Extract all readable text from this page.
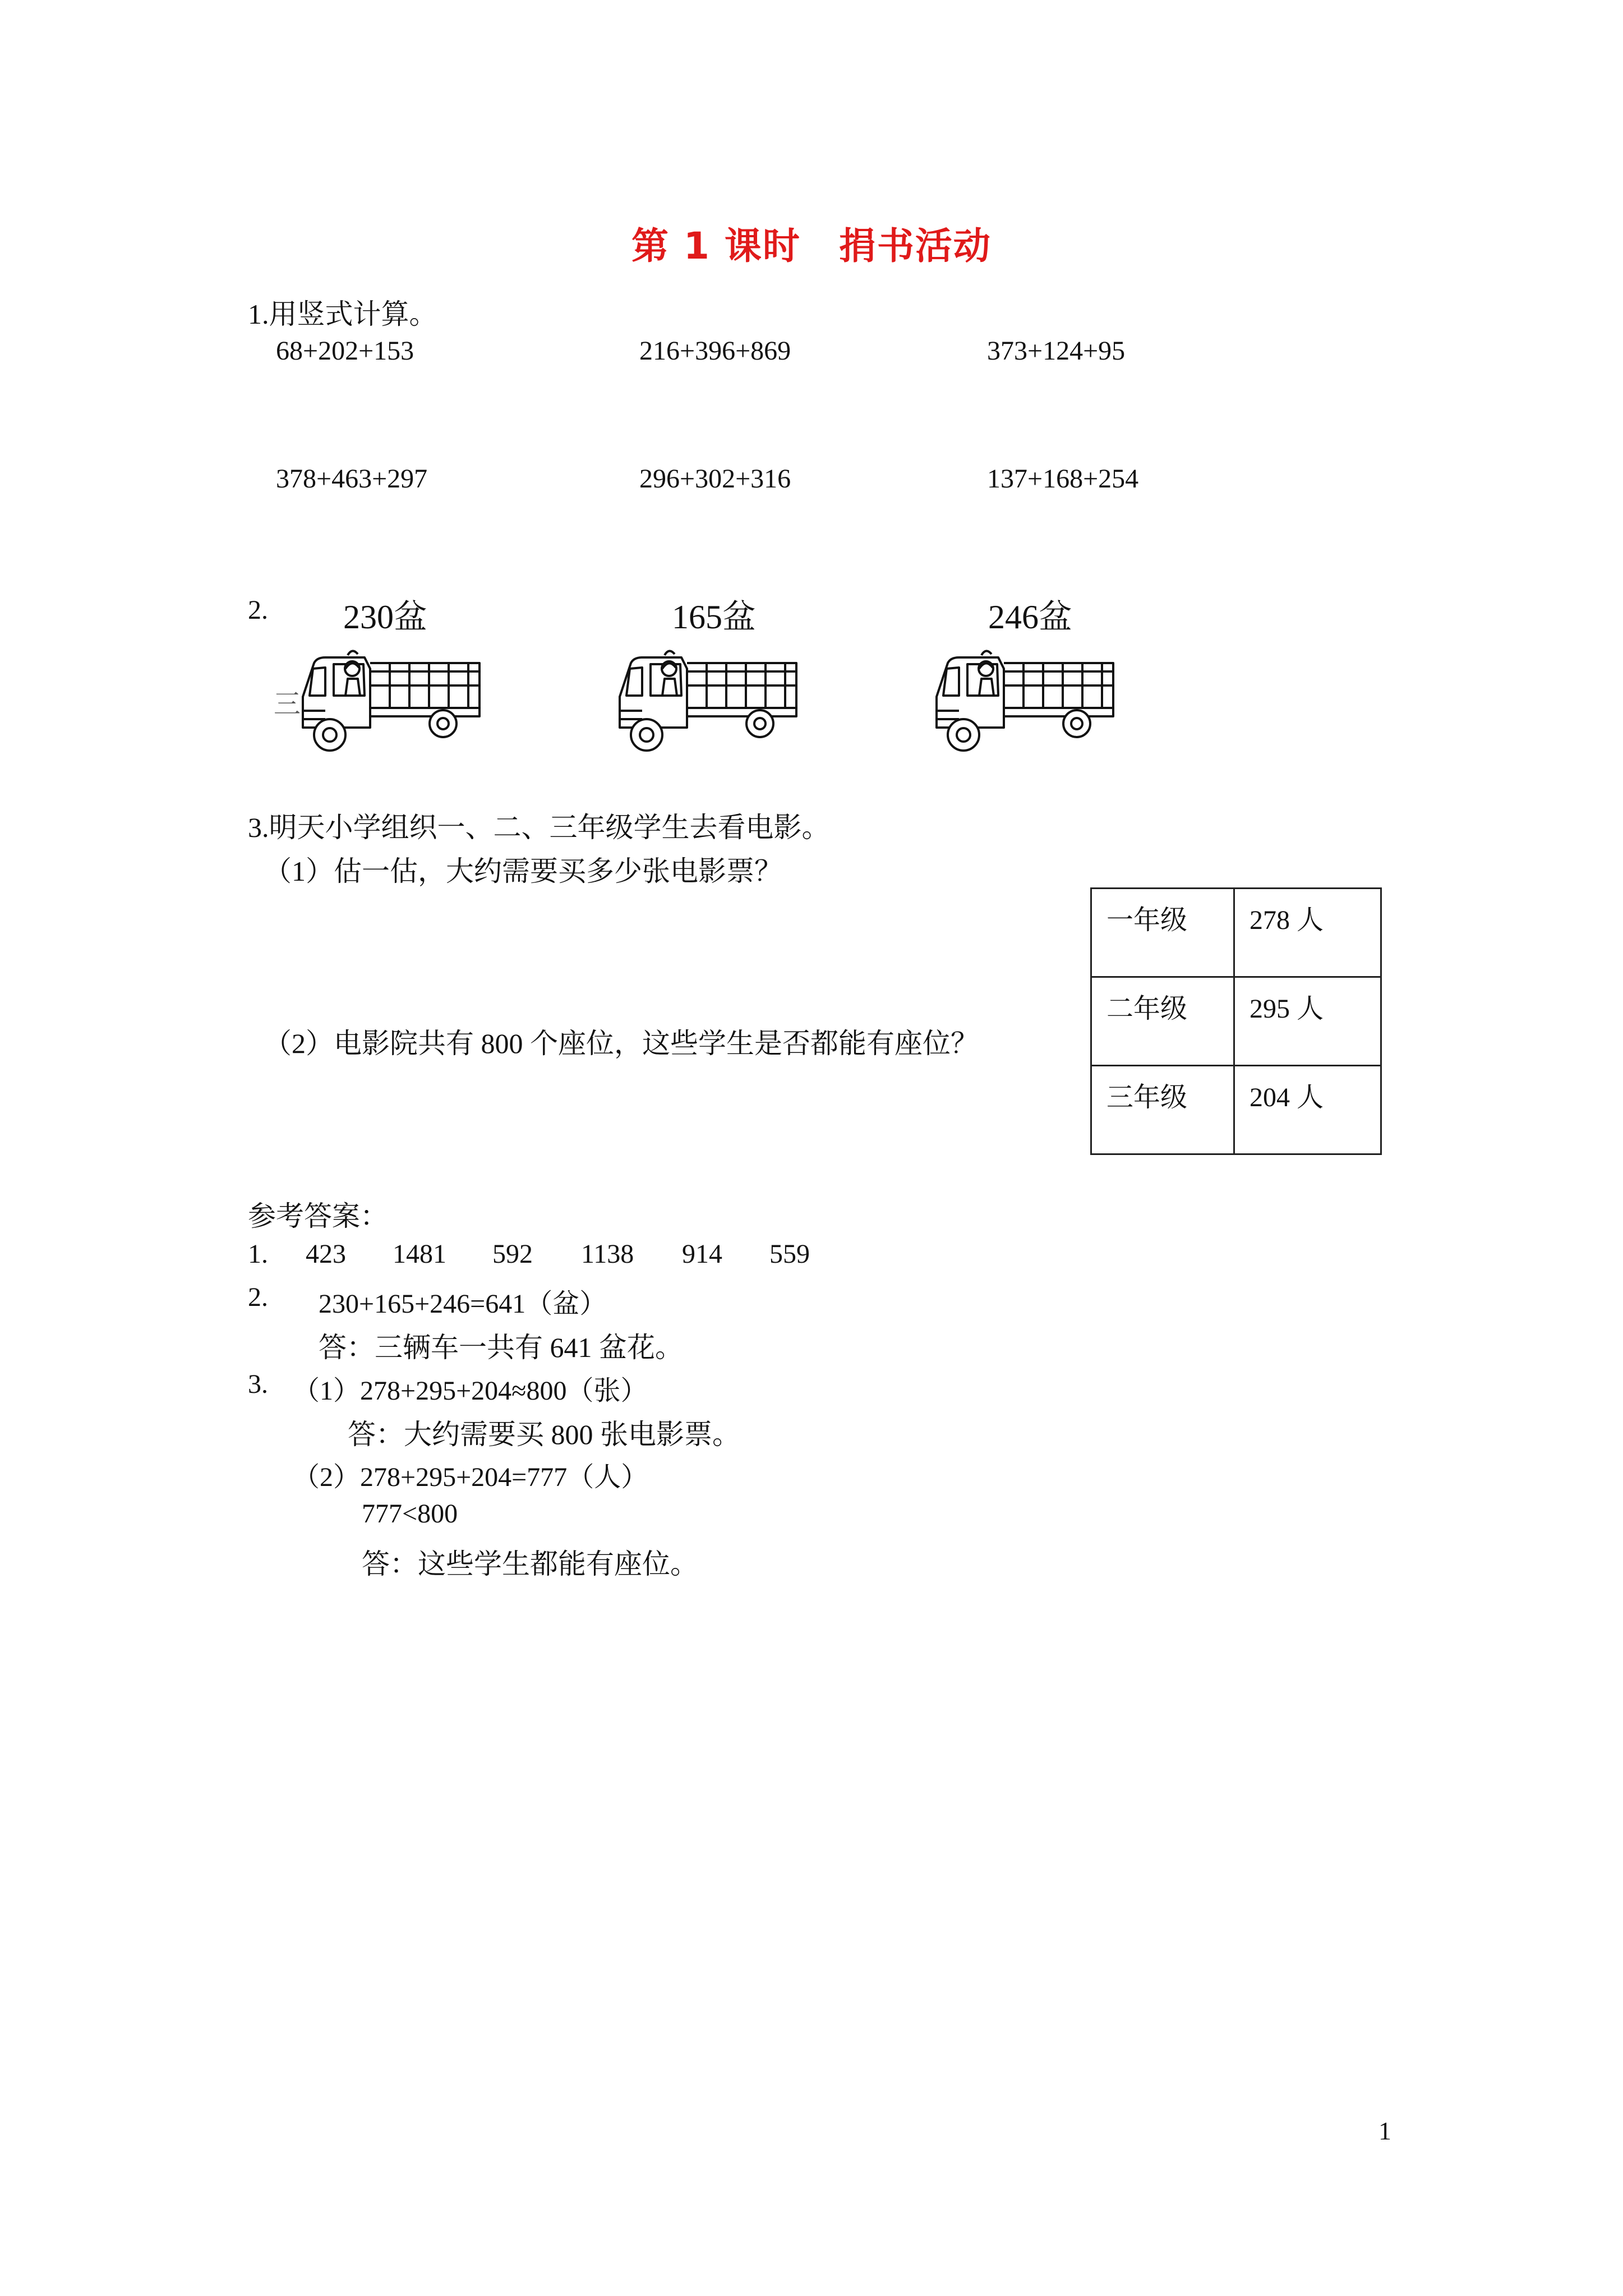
第 1 课时　捐书活动
1.用竖式计算。
68+202+153	216+396+869	373+124+95
378+463+297	296+302+316	137+168+254
2.
三
230盆	165盆	246盆
3.明天小学组织一、二、三年级学生去看电影。
（1）估一估，大约需要买多少张电影票？
（2）电影院共有 800 个座位，这些学生是否都能有座位？
一年级	278 人
二年级	295 人
三年级	204 人
参考答案：
1. 423 1481 592 1138 914 559
2. 230+165+246=641（盆）
答：三辆车一共有 641 盆花。
3. （1）278+295+204≈800（张）
答：大约需要买 800 张电影票。
（2）278+295+204=777（人）
777<800
答：这些学生都能有座位。
1
